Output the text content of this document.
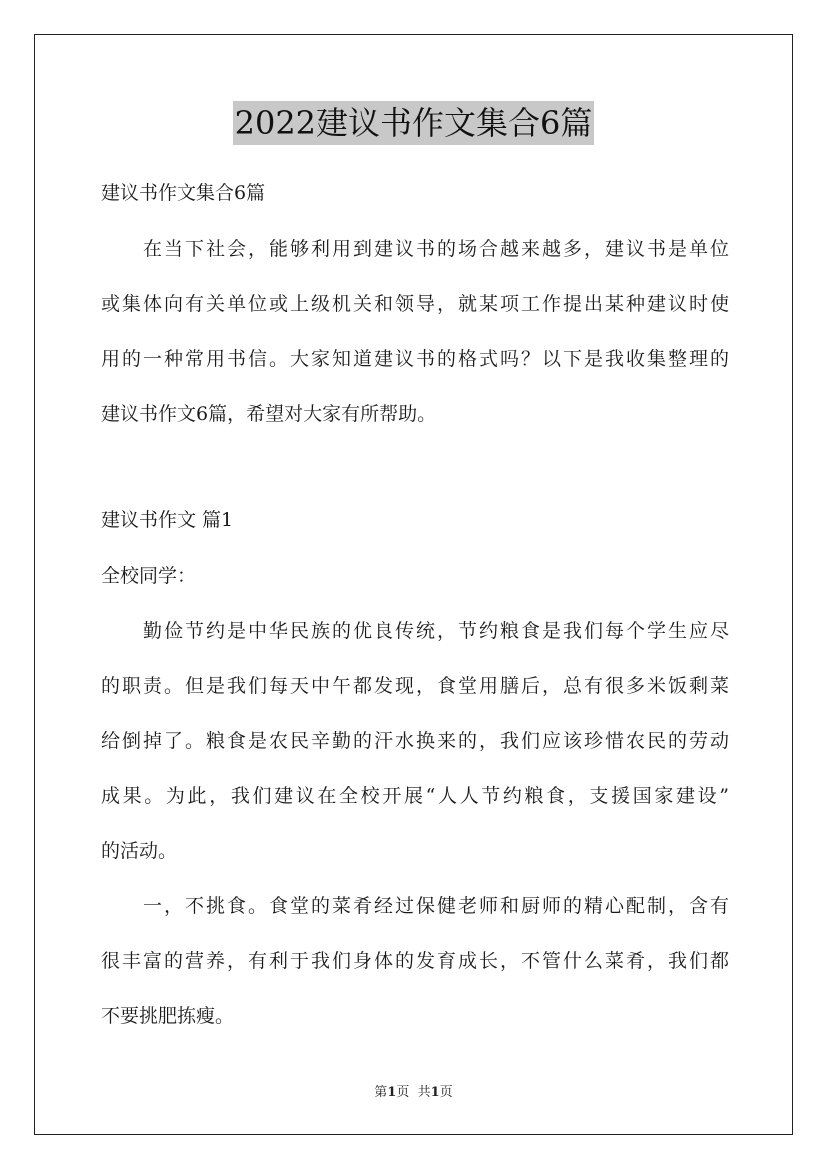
2022建议书作文集合6篇
建议书作文集合6篇
在当下社会，能够利用到建议书的场合越来越多，建议书是单位
或集体向有关单位或上级机关和领导，就某项工作提出某种建议时使
用的一种常用书信。大家知道建议书的格式吗？以下是我收集整理的
建议书作文6篇，希望对大家有所帮助。
建议书作文 篇1
全校同学：
勤俭节约是中华民族的优良传统，节约粮食是我们每个学生应尽
的职责。但是我们每天中午都发现，食堂用膳后，总有很多米饭剩菜
给倒掉了。粮食是农民辛勤的汗水换来的，我们应该珍惜农民的劳动
成果。为此，我们建议在全校开展“人人节约粮食，支援国家建设”
的活动。
一，不挑食。食堂的菜肴经过保健老师和厨师的精心配制，含有
很丰富的营养，有利于我们身体的发育成长，不管什么菜肴，我们都
不要挑肥拣瘦。
第1页 共1页
